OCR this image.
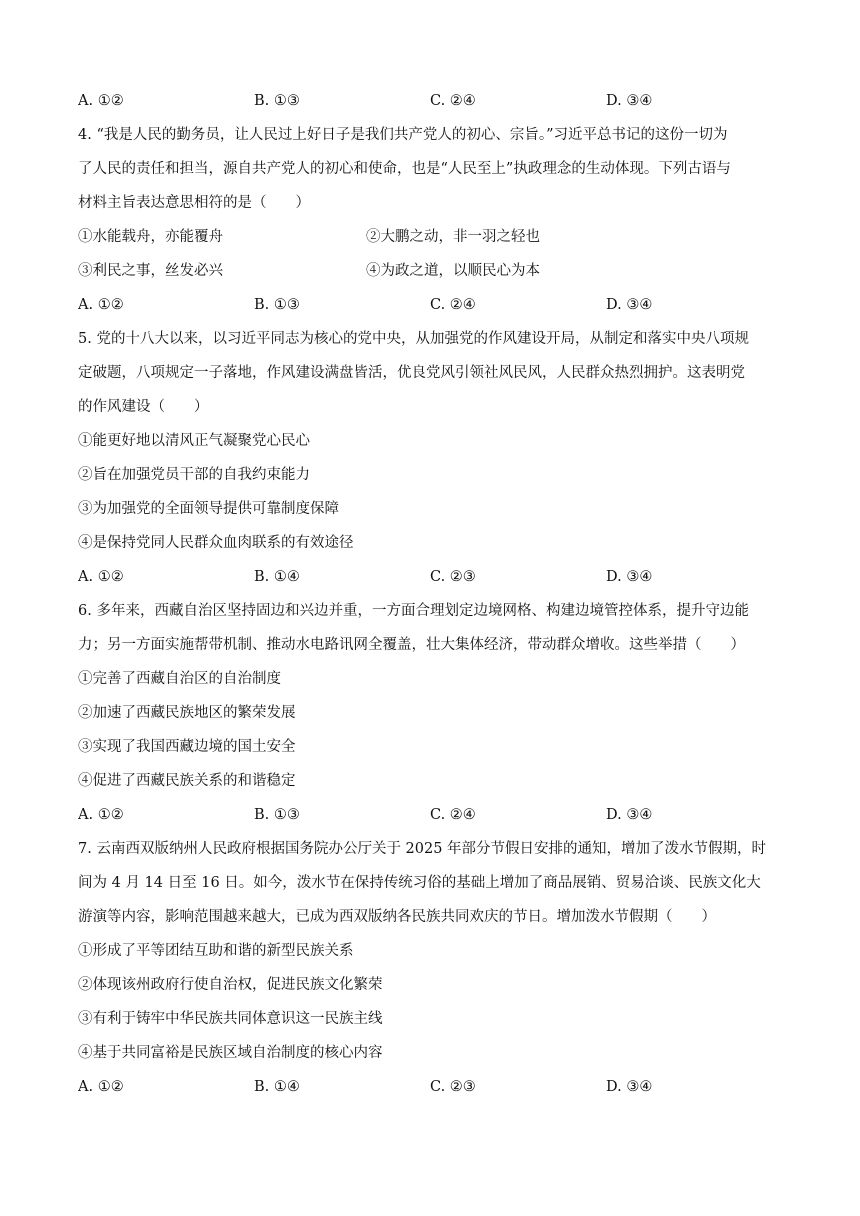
A. ①②	B. ①③	C. ②④	D. ③④
4. “我是人民的勤务员，让人民过上好日子是我们共产党人的初心、宗旨。”习近平总书记的这份一切为
了人民的责任和担当，源自共产党人的初心和使命，也是“人民至上”执政理念的生动体现。下列古语与
材料主旨表达意思相符的是（　　）
①水能载舟，亦能覆舟	②大鹏之动，非一羽之轻也
③利民之事，丝发必兴	④为政之道，以顺民心为本
A. ①②	B. ①③	C. ②④	D. ③④
5. 党的十八大以来，以习近平同志为核心的党中央，从加强党的作风建设开局，从制定和落实中央八项规
定破题，八项规定一子落地，作风建设满盘皆活，优良党风引领社风民风，人民群众热烈拥护。这表明党
的作风建设（　　）
①能更好地以清风正气凝聚党心民心
②旨在加强党员干部的自我约束能力
③为加强党的全面领导提供可靠制度保障
④是保持党同人民群众血肉联系的有效途径
A. ①②	B. ①④	C. ②③	D. ③④
6. 多年来，西藏自治区坚持固边和兴边并重，一方面合理划定边境网格、构建边境管控体系，提升守边能
力；另一方面实施帮带机制、推动水电路讯网全覆盖，壮大集体经济，带动群众增收。这些举措（　　）
①完善了西藏自治区的自治制度
②加速了西藏民族地区的繁荣发展
③实现了我国西藏边境的国土安全
④促进了西藏民族关系的和谐稳定
A. ①②	B. ①③	C. ②④	D. ③④
7. 云南西双版纳州人民政府根据国务院办公厅关于 2025 年部分节假日安排的通知，增加了泼水节假期，时
间为 4 月 14 日至 16 日。如今，泼水节在保持传统习俗的基础上增加了商品展销、贸易洽谈、民族文化大
游演等内容，影响范围越来越大，已成为西双版纳各民族共同欢庆的节日。增加泼水节假期（　　）
①形成了平等团结互助和谐的新型民族关系
②体现该州政府行使自治权，促进民族文化繁荣
③有利于铸牢中华民族共同体意识这一民族主线
④基于共同富裕是民族区域自治制度的核心内容
A. ①②	B. ①④	C. ②③	D. ③④
